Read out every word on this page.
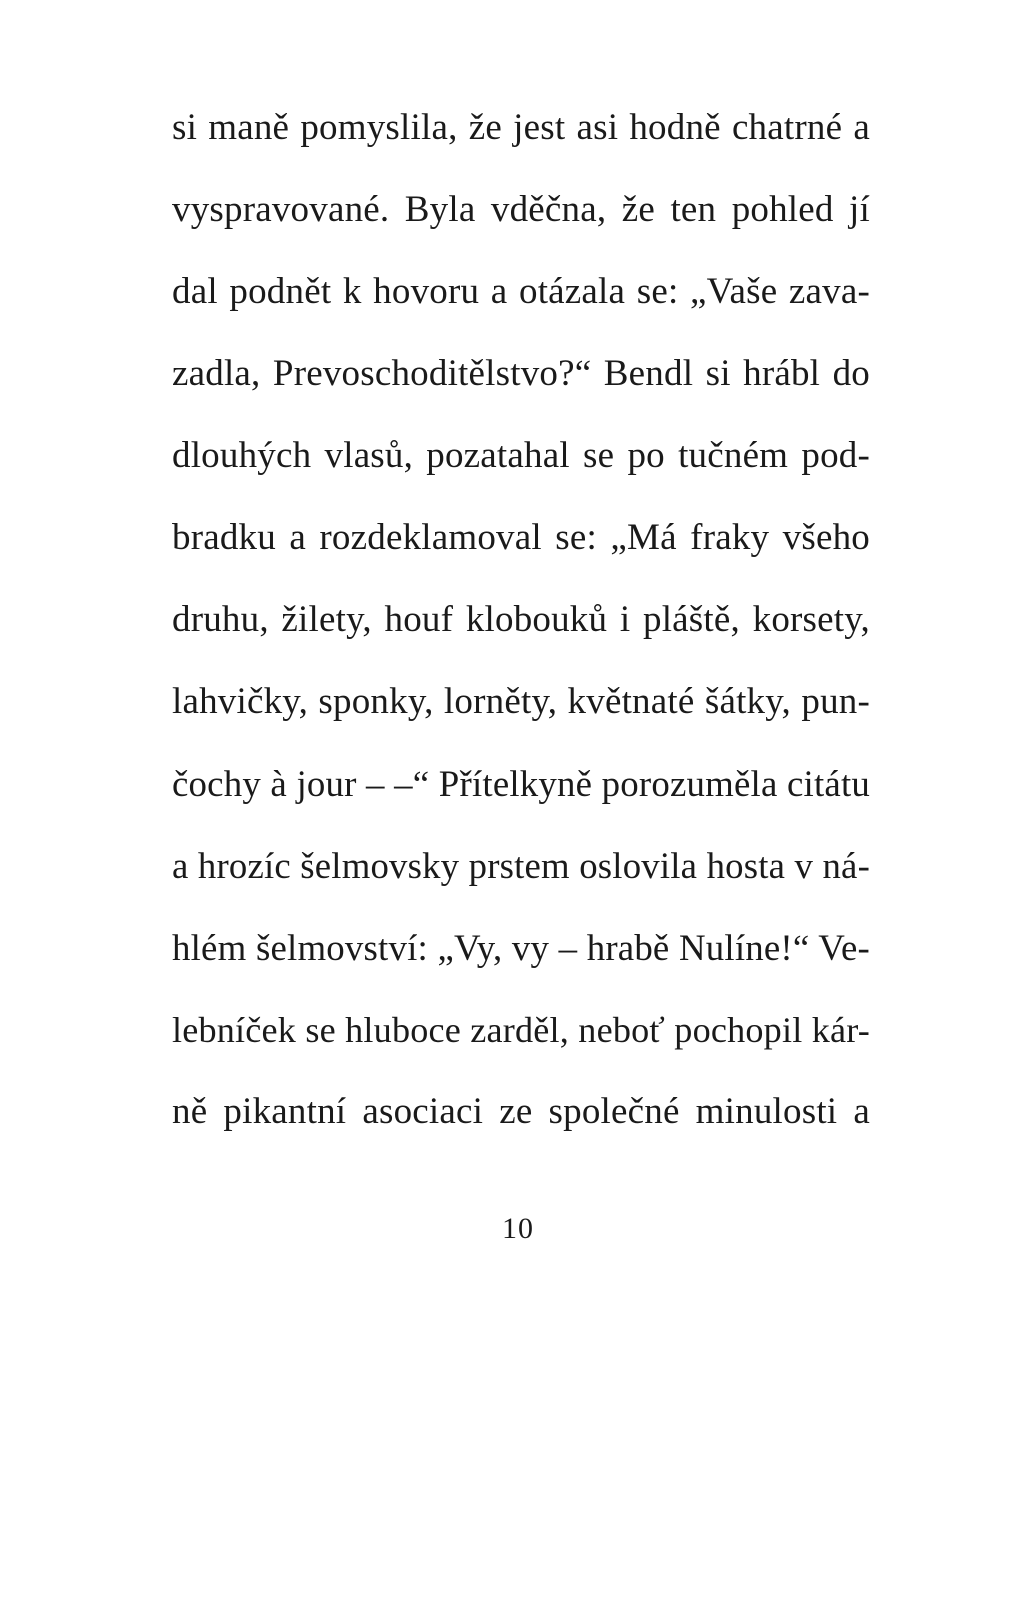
si maně pomyslila, že jest asi hodně chatrné a
vyspravované. Byla vděčna, že ten pohled jí
dal podnět k hovoru a otázala se: „Vaše zava-
zadla, Prevoschoditělstvo?“ Bendl si hrábl do
dlouhých vlasů, pozatahal se po tučném pod-
bradku a rozdeklamoval se: „Má fraky všeho
druhu, žilety, houf klobouků i pláště, korsety,
lahvičky, sponky, lorněty, květnaté šátky, pun-
čochy à jour – –“ Přítelkyně porozuměla citátu
a hrozíc šelmovsky prstem oslovila hosta v ná-
hlém šelmovství: „Vy, vy – hrabě Nulíne!“ Ve-
lebníček se hluboce zarděl, neboť pochopil kár-
ně pikantní asociaci ze společné minulosti a
10
